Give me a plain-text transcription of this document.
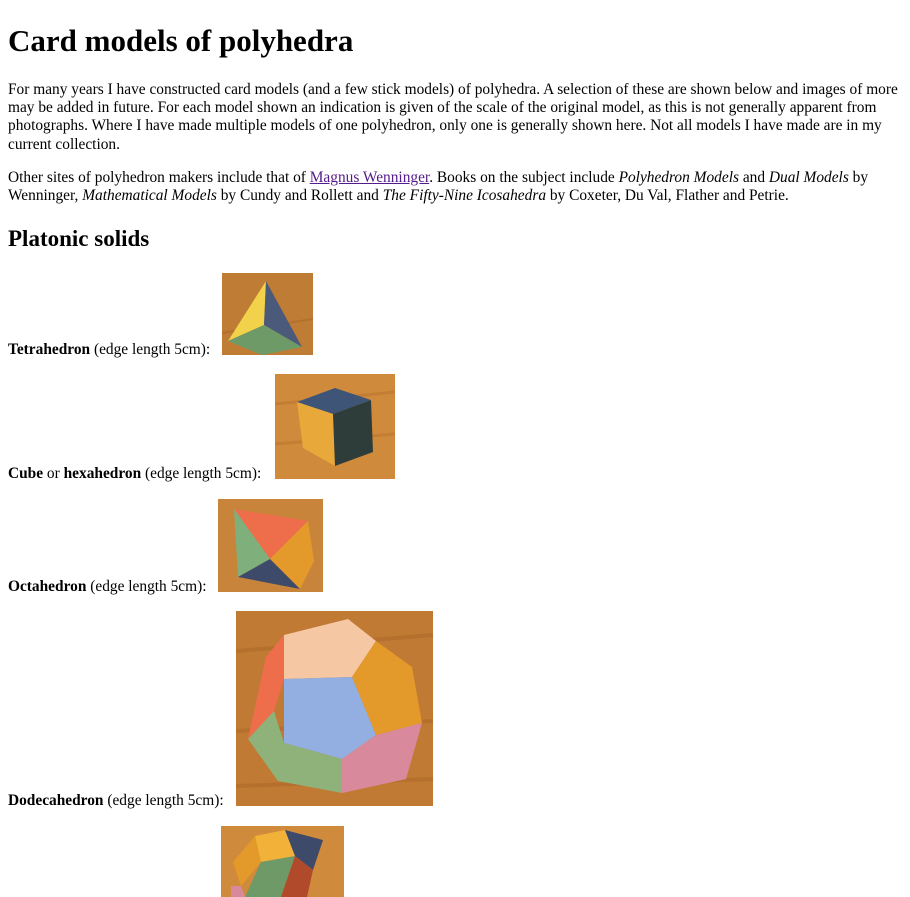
Card models of polyhedra

For many years I have constructed card models (and a few stick models) of polyhedra. A selection of these are shown below and images of more may be added in future. For each model shown an indication is given of the scale of the original model, as this is not generally apparent from photographs. Where I have made multiple models of one polyhedron, only one is generally shown here. Not all models I have made are in my current collection.

Other sites of polyhedron makers include that of Magnus Wenninger. Books on the subject include Polyhedron Models and Dual Models by Wenninger, Mathematical Models by Cundy and Rollett and The Fifty-Nine Icosahedra by Coxeter, Du Val, Flather and Petrie.

Platonic solids
Tetrahedron (edge length 5cm):
Cube or hexahedron (edge length 5cm):
Octahedron (edge length 5cm):
Dodecahedron (edge length 5cm):
